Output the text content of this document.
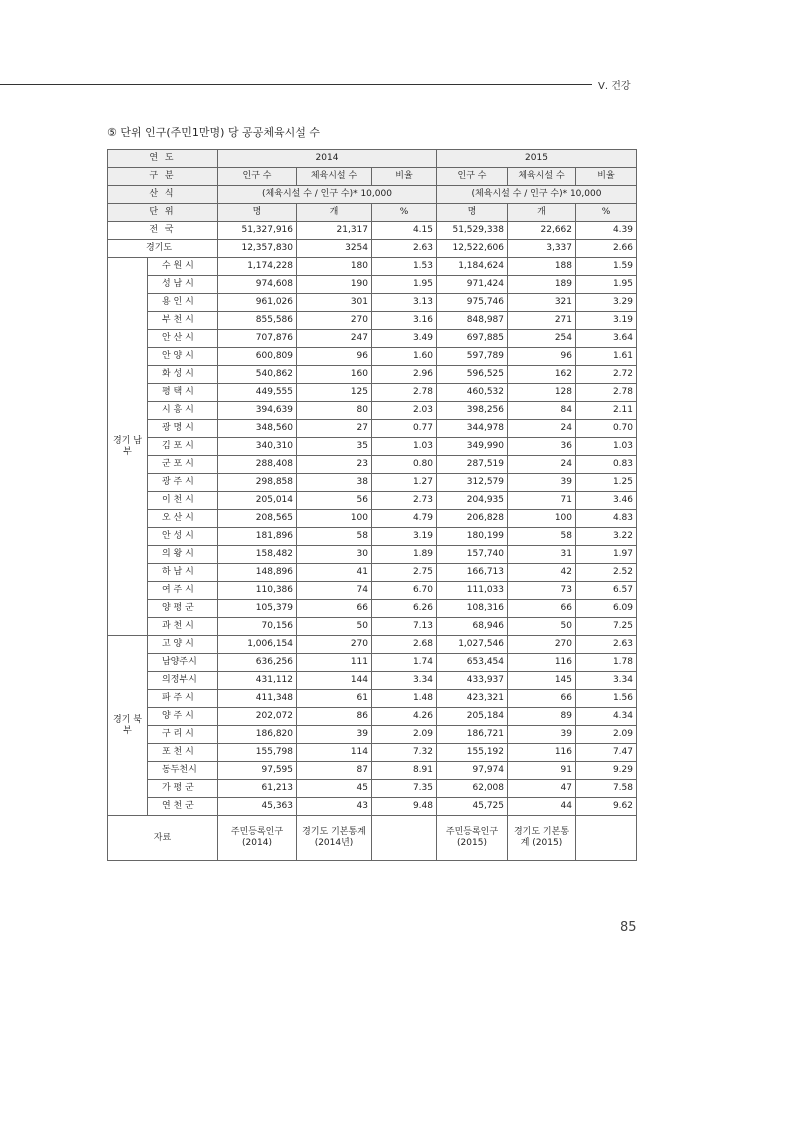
Ⅴ. 건강
⑤ 단위 인구(주민1만명) 당 공공체육시설 수
연 도		2014			2015		
구 분		인구 수	체육시설 수	비율	인구 수	체육시설 수	비율
산 식		(체육시설 수 / 인구 수)* 10,000			(체육시설 수 / 인구 수)* 10,000		
단 위		명	개	%	명	개	%
전 국		51,327,916	21,317	4.15	51,529,338	22,662	4.39
경기도		12,357,830	3254	2.63	12,522,606	3,337	2.66
경기 남부	수 원 시	1,174,228	180	1.53	1,184,624	188	1.59
	성 남 시	974,608	190	1.95	971,424	189	1.95
	용 인 시	961,026	301	3.13	975,746	321	3.29
	부 천 시	855,586	270	3.16	848,987	271	3.19
	안 산 시	707,876	247	3.49	697,885	254	3.64
	안 양 시	600,809	96	1.60	597,789	96	1.61
	화 성 시	540,862	160	2.96	596,525	162	2.72
	평 택 시	449,555	125	2.78	460,532	128	2.78
	시 흥 시	394,639	80	2.03	398,256	84	2.11
	광 명 시	348,560	27	0.77	344,978	24	0.70
	김 포 시	340,310	35	1.03	349,990	36	1.03
	군 포 시	288,408	23	0.80	287,519	24	0.83
	광 주 시	298,858	38	1.27	312,579	39	1.25
	이 천 시	205,014	56	2.73	204,935	71	3.46
	오 산 시	208,565	100	4.79	206,828	100	4.83
	안 성 시	181,896	58	3.19	180,199	58	3.22
	의 왕 시	158,482	30	1.89	157,740	31	1.97
	하 남 시	148,896	41	2.75	166,713	42	2.52
	여 주 시	110,386	74	6.70	111,033	73	6.57
	양 평 군	105,379	66	6.26	108,316	66	6.09
	과 천 시	70,156	50	7.13	68,946	50	7.25
경기 북부	고 양 시	1,006,154	270	2.68	1,027,546	270	2.63
	남양주시	636,256	111	1.74	653,454	116	1.78
	의정부시	431,112	144	3.34	433,937	145	3.34
	파 주 시	411,348	61	1.48	423,321	66	1.56
	양 주 시	202,072	86	4.26	205,184	89	4.34
	구 리 시	186,820	39	2.09	186,721	39	2.09
	포 천 시	155,798	114	7.32	155,192	116	7.47
	동두천시	97,595	87	8.91	97,974	91	9.29
	가 평 군	61,213	45	7.35	62,008	47	7.58
	연 천 군	45,363	43	9.48	45,725	44	9.62
자료		주민등록인구 (2014)	경기도 기본통계 (2014년)		주민등록인구 (2015)	경기도 기본통계 (2015)	
85
